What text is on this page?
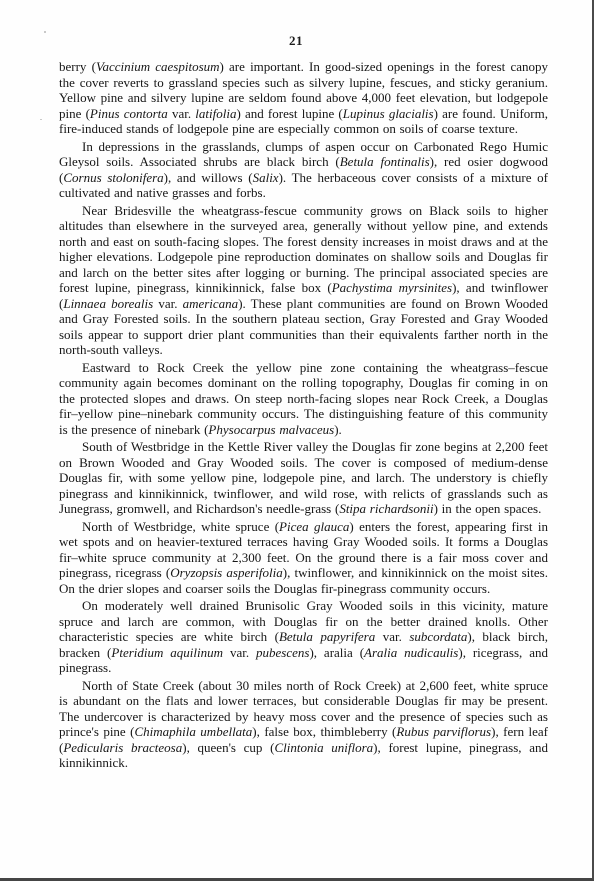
21

berry (Vaccinium caespitosum) are important. In good-sized openings in the forest canopy the cover reverts to grassland species such as silvery lupine, fescues, and sticky geranium. Yellow pine and silvery lupine are seldom found above 4,000 feet elevation, but lodgepole pine (Pinus contorta var. latifolia) and forest lupine (Lupinus glacialis) are found. Uniform, fire-induced stands of lodgepole pine are especially common on soils of coarse texture.

In depressions in the grasslands, clumps of aspen occur on Carbonated Rego Humic Gleysol soils. Associated shrubs are black birch (Betula fontinalis), red osier dogwood (Cornus stolonifera), and willows (Salix). The herbaceous cover consists of a mixture of cultivated and native grasses and forbs.

Near Bridesville the wheatgrass-fescue community grows on Black soils to higher altitudes than elsewhere in the surveyed area, generally without yellow pine, and extends north and east on south-facing slopes. The forest density increases in moist draws and at the higher elevations. Lodgepole pine reproduction dominates on shallow soils and Douglas fir and larch on the better sites after logging or burning. The principal associated species are forest lupine, pinegrass, kinnikinnick, false box (Pachystima myrsinites), and twinflower (Linnaea borealis var. americana). These plant communities are found on Brown Wooded and Gray Forested soils. In the southern plateau section, Gray Forested and Gray Wooded soils appear to support drier plant communities than their equivalents farther north in the north-south valleys.

Eastward to Rock Creek the yellow pine zone containing the wheatgrass–fescue community again becomes dominant on the rolling topography, Douglas fir coming in on the protected slopes and draws. On steep north-facing slopes near Rock Creek, a Douglas fir–yellow pine–ninebark community occurs. The distinguishing feature of this community is the presence of ninebark (Physocarpus malvaceus).

South of Westbridge in the Kettle River valley the Douglas fir zone begins at 2,200 feet on Brown Wooded and Gray Wooded soils. The cover is composed of medium-dense Douglas fir, with some yellow pine, lodgepole pine, and larch. The understory is chiefly pinegrass and kinnikinnick, twinflower, and wild rose, with relicts of grasslands such as Junegrass, gromwell, and Richardson's needle-grass (Stipa richardsonii) in the open spaces.

North of Westbridge, white spruce (Picea glauca) enters the forest, appearing first in wet spots and on heavier-textured terraces having Gray Wooded soils. It forms a Douglas fir–white spruce community at 2,300 feet. On the ground there is a fair moss cover and pinegrass, ricegrass (Oryzopsis asperifolia), twinflower, and kinnikinnick on the moist sites. On the drier slopes and coarser soils the Douglas fir-pinegrass community occurs.

On moderately well drained Brunisolic Gray Wooded soils in this vicinity, mature spruce and larch are common, with Douglas fir on the better drained knolls. Other characteristic species are white birch (Betula papyrifera var. subcordata), black birch, bracken (Pteridium aquilinum var. pubescens), aralia (Aralia nudicaulis), ricegrass, and pinegrass.

North of State Creek (about 30 miles north of Rock Creek) at 2,600 feet, white spruce is abundant on the flats and lower terraces, but considerable Douglas fir may be present. The undercover is characterized by heavy moss cover and the presence of species such as prince's pine (Chimaphila umbellata), false box, thimbleberry (Rubus parviflorus), fern leaf (Pedicularis bracteosa), queen's cup (Clintonia uniflora), forest lupine, pinegrass, and kinnikinnick.
